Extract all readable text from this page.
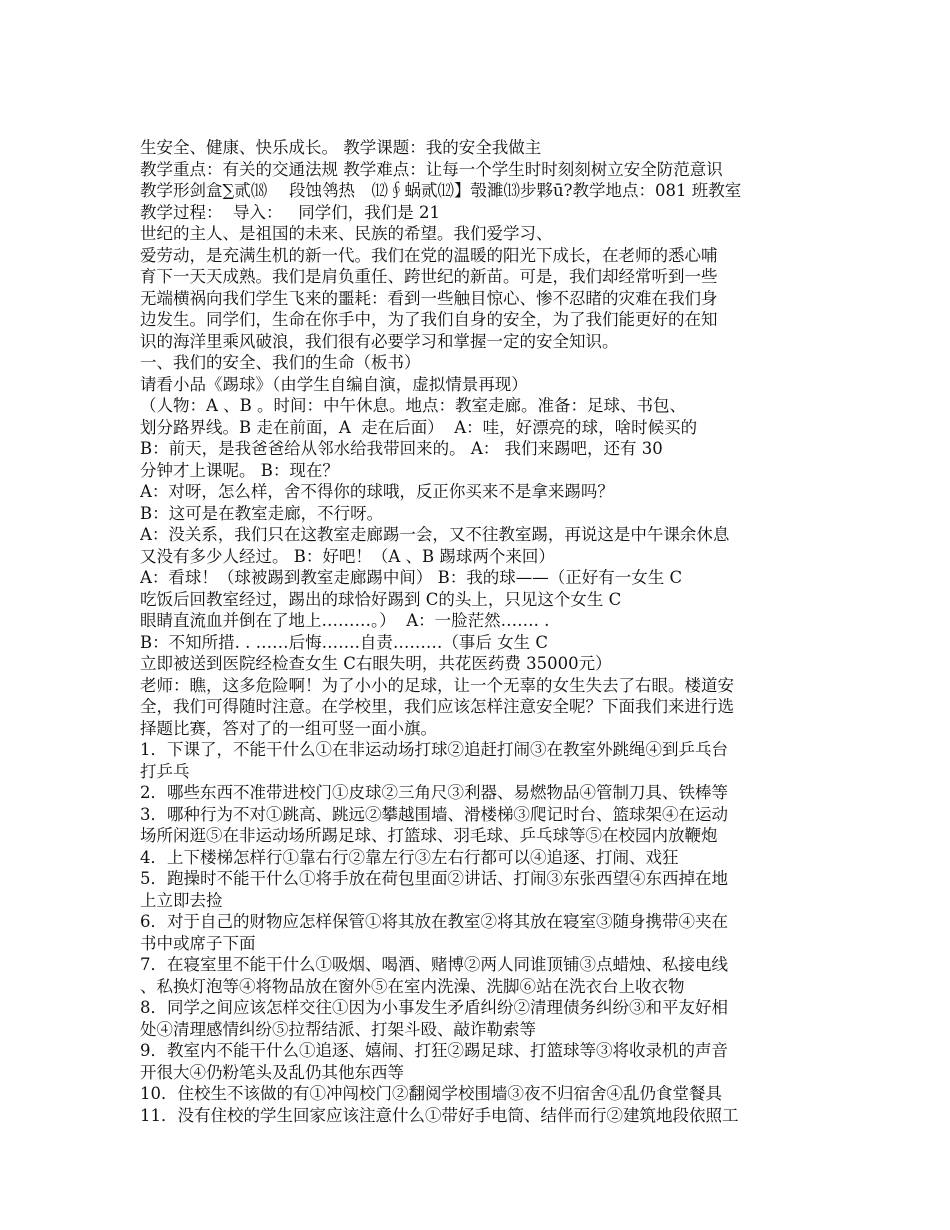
生安全、健康、快乐成长。 教学课题：我的安全我做主
教学重点：有关的交通法规 教学难点：让每一个学生时时刻刻树立安全防范意识
教学形剑盒∑贰⒅　 段蚀鸰热　⑿∮蜗贰⑿】彀濉⒀步夥ū?教学地点：081 班教室
教学过程：  导入：   同学们，我们是 21
世纪的主人、是祖国的未来、民族的希望。我们爱学习、
爱劳动，是充满生机的新一代。我们在党的温暖的阳光下成长，在老师的悉心哺
育下一天天成熟。我们是肩负重任、跨世纪的新苗。可是，我们却经常听到一些
无端横祸向我们学生飞来的噩耗：看到一些触目惊心、惨不忍睹的灾难在我们身
边发生。同学们，生命在你手中，为了我们自身的安全，为了我们能更好的在知
识的海洋里乘风破浪，我们很有必要学习和掌握一定的安全知识。
一、我们的安全、我们的生命（板书）
请看小品《踢球》（由学生自编自演，虚拟情景再现）
（人物：A 、B 。时间：中午休息。地点：教室走廊。准备：足球、书包、
划分路界线。B 走在前面，A  走在后面）  A：哇，好漂亮的球，啥时候买的
B：前天，是我爸爸给从邻水给我带回来的。 A： 我们来踢吧，还有 30
分钟才上课呢。 B：现在？
A：对呀，怎么样，舍不得你的球哦，反正你买来不是拿来踢吗？
B：这可是在教室走廊，不行呀。
A：没关系，我们只在这教室走廊踢一会，又不往教室踢，再说这是中午课余休息
又没有多少人经过。 B：好吧！（A 、B 踢球两个来回）
A：看球！（球被踢到教室走廊踢中间） B：我的球——（正好有一女生 C
吃饭后回教室经过，踢出的球恰好踢到 C的头上，只见这个女生 C
眼睛直流血并倒在了地上………。）  A：一脸茫然……. .
B：不知所措. . ……后悔…….自责………（事后 女生 C
立即被送到医院经检查女生 C右眼失明，共花医药费 35000元）
老师：瞧，这多危险啊！为了小小的足球，让一个无辜的女生失去了右眼。楼道安
全，我们可得随时注意。在学校里，我们应该怎样注意安全呢？下面我们来进行选
择题比赛，答对了的一组可竖一面小旗。
1．下课了，不能干什么①在非运动场打球②追赶打闹③在教室外跳绳④到乒乓台
打乒乓
2．哪些东西不准带进校门①皮球②三角尺③利器、易燃物品④管制刀具、铁棒等
3．哪种行为不对①跳高、跳远②攀越围墙、滑楼梯③爬记时台、篮球架④在运动
场所闲逛⑤在非运动场所踢足球、打篮球、羽毛球、乒乓球等⑤在校园内放鞭炮
4．上下楼梯怎样行①靠右行②靠左行③左右行都可以④追逐、打闹、戏狂
5．跑操时不能干什么①将手放在荷包里面②讲话、打闹③东张西望④东西掉在地
上立即去捡
6．对于自己的财物应怎样保管①将其放在教室②将其放在寝室③随身携带④夹在
书中或席子下面
7．在寝室里不能干什么①吸烟、喝酒、赌博②两人同谁顶铺③点蜡烛、私接电线
、私换灯泡等④将物品放在窗外⑤在室内洗澡、洗脚⑥站在洗衣台上收衣物
8．同学之间应该怎样交往①因为小事发生矛盾纠纷②清理债务纠纷③和平友好相
处④清理感情纠纷⑤拉帮结派、打架斗殴、敲诈勒索等
9．教室内不能干什么①追逐、嬉闹、打狂②踢足球、打篮球等③将收录机的声音
开很大④仍粉笔头及乱仍其他东西等
10．住校生不该做的有①冲闯校门②翻阅学校围墙③夜不归宿舍④乱仍食堂餐具
11．没有住校的学生回家应该注意什么①带好手电筒、结伴而行②建筑地段依照工
